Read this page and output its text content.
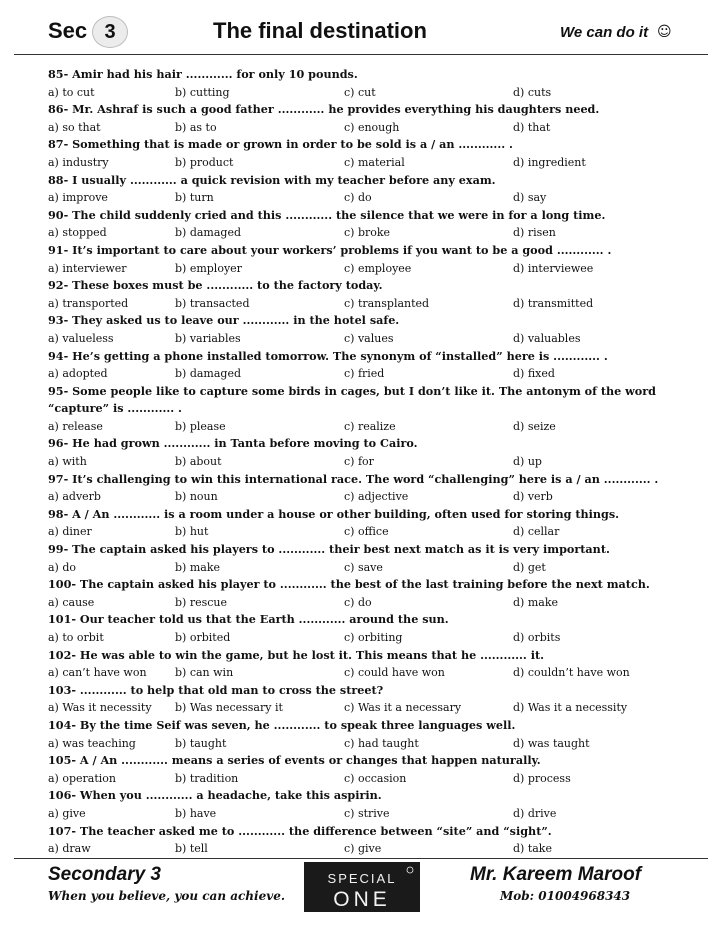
Sec 3	The final destination	We can do it ☺
85- Amir had his hair ............ for only 10 pounds.
a) to cut	b) cutting	c) cut	d) cuts
86- Mr. Ashraf is such a good father ............ he provides everything his daughters need.
a) so that	b) as to	c) enough	d) that
87- Something that is made or grown in order to be sold is a / an ............ .
a) industry	b) product	c) material	d) ingredient
88- I usually ............ a quick revision with my teacher before any exam.
a) improve	b) turn	c) do	d) say
90- The child suddenly cried and this ............ the silence that we were in for a long time.
a) stopped	b) damaged	c) broke	d) risen
91- It’s important to care about your workers’ problems if you want to be a good ............ .
a) interviewer	b) employer	c) employee	d) interviewee
92- These boxes must be ............ to the factory today.
a) transported	b) transacted	c) transplanted	d) transmitted
93- They asked us to leave our ............ in the hotel safe.
a) valueless	b) variables	c) values	d) valuables
94- He’s getting a phone installed tomorrow. The synonym of “installed” here is ............ .
a) adopted	b) damaged	c) fried	d) fixed
95- Some people like to capture some birds in cages, but I don’t like it. The antonym of the word “capture” is ............ .
a) release	b) please	c) realize	d) seize
96- He had grown ............ in Tanta before moving to Cairo.
a) with	b) about	c) for	d) up
97- It’s challenging to win this international race. The word “challenging” here is a / an ............ .
a) adverb	b) noun	c) adjective	d) verb
98- A / An ............ is a room under a house or other building, often used for storing things.
a) diner	b) hut	c) office	d) cellar
99- The captain asked his players to ............ their best next match as it is very important.
a) do	b) make	c) save	d) get
100- The captain asked his player to ............ the best of the last training before the next match.
a) cause	b) rescue	c) do	d) make
101- Our teacher told us that the Earth ............ around the sun.
a) to orbit	b) orbited	c) orbiting	d) orbits
102- He was able to win the game, but he lost it. This means that he ............ it.
a) can’t have won	b) can win	c) could have won	d) couldn’t have won
103- ............ to help that old man to cross the street?
a) Was it necessity b) Was necessary it	c) Was it a necessary	d) Was it a necessity
104- By the time Seif was seven, he ............ to speak three languages well.
a) was teaching	b) taught	c) had taught	d) was taught
105- A / An ............ means a series of events or changes that happen naturally.
a) operation	b) tradition	c) occasion	d) process
106- When you ............ a headache, take this aspirin.
a) give	b) have	c) strive	d) drive
107- The teacher asked me to ............ the difference between “site” and “sight”.
a) draw	b) tell	c) give	d) take
Secondary 3
When you believe, you can achieve.
SPECIAL
ONE
Mr. Kareem Maroof
Mob: 01004968343
